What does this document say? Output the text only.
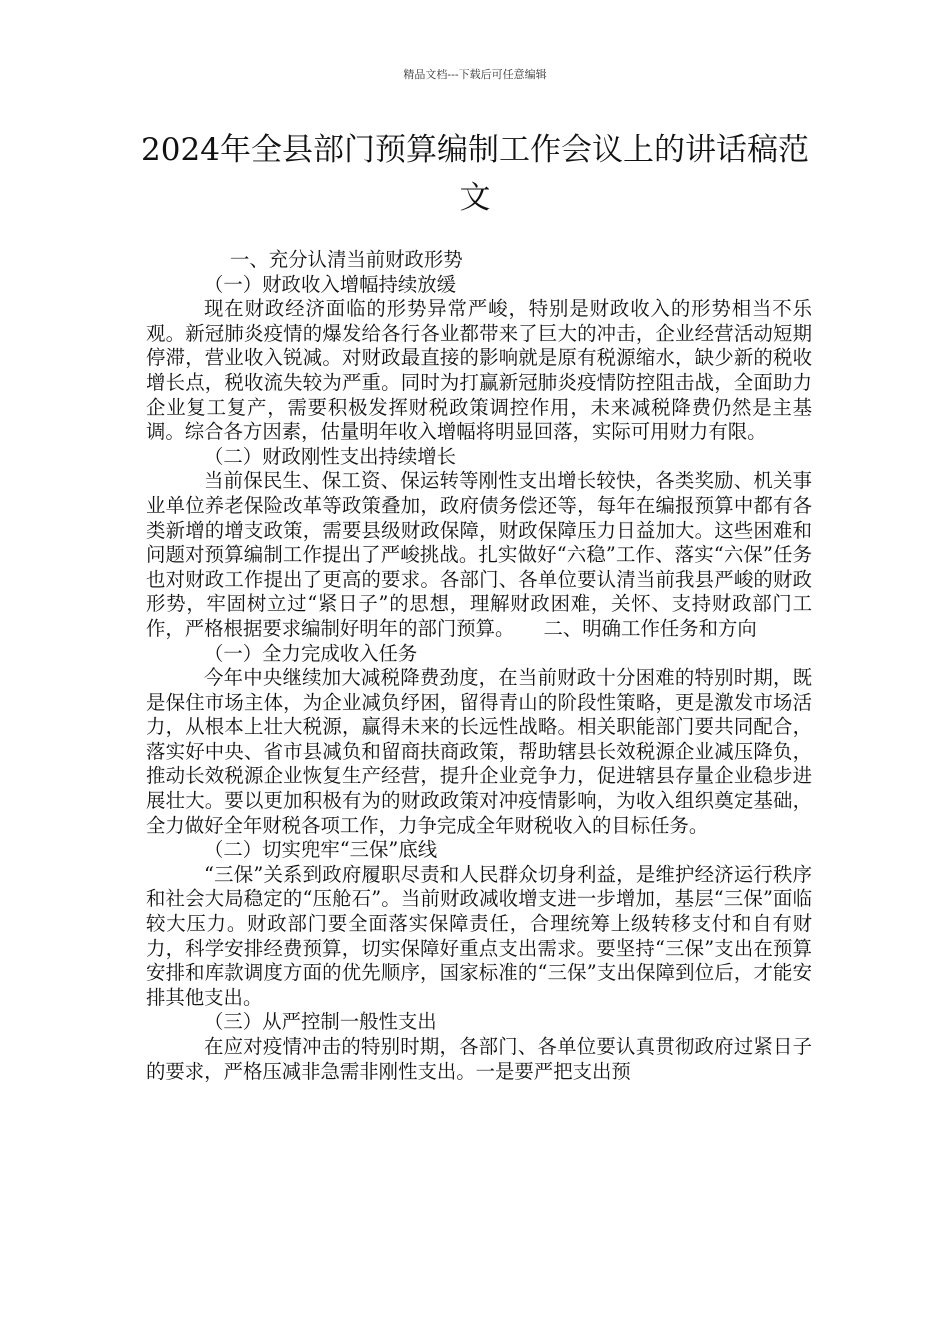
精品文档---下载后可任意编辑
2024年全县部门预算编制工作会议上的讲话稿范文

一、充分认清当前财政形势

（一）财政收入增幅持续放缓

现在财政经济面临的形势异常严峻，特别是财政收入的形势相当不乐观。新冠肺炎疫情的爆发给各行各业都带来了巨大的冲击，企业经营活动短期停滞，营业收入锐减。对财政最直接的影响就是原有税源缩水，缺少新的税收增长点，税收流失较为严重。同时为打赢新冠肺炎疫情防控阻击战，全面助力企业复工复产，需要积极发挥财税政策调控作用，未来减税降费仍然是主基调。综合各方因素，估量明年收入增幅将明显回落，实际可用财力有限。

（二）财政刚性支出持续增长

当前保民生、保工资、保运转等刚性支出增长较快，各类奖励、机关事业单位养老保险改革等政策叠加，政府债务偿还等，每年在编报预算中都有各类新增的增支政策，需要县级财政保障，财政保障压力日益加大。这些困难和问题对预算编制工作提出了严峻挑战。扎实做好“六稳”工作、落实“六保”任务也对财政工作提出了更高的要求。各部门、各单位要认清当前我县严峻的财政形势，牢固树立过“紧日子”的思想，理解财政困难，关怀、支持财政部门工作，严格根据要求编制好明年的部门预算。　　二、明确工作任务和方向

（一）全力完成收入任务

今年中央继续加大减税降费劲度，在当前财政十分困难的特别时期，既是保住市场主体，为企业减负纾困，留得青山的阶段性策略，更是激发市场活力，从根本上壮大税源，赢得未来的长远性战略。相关职能部门要共同配合，落实好中央、省市县减负和留商扶商政策，帮助辖县长效税源企业减压降负，推动长效税源企业恢复生产经营，提升企业竞争力，促进辖县存量企业稳步进展壮大。要以更加积极有为的财政政策对冲疫情影响，为收入组织奠定基础，全力做好全年财税各项工作，力争完成全年财税收入的目标任务。

（二）切实兜牢“三保”底线

“三保”关系到政府履职尽责和人民群众切身利益，是维护经济运行秩序和社会大局稳定的“压舱石”。当前财政减收增支进一步增加，基层“三保”面临较大压力。财政部门要全面落实保障责任，合理统筹上级转移支付和自有财力，科学安排经费预算，切实保障好重点支出需求。要坚持“三保”支出在预算安排和库款调度方面的优先顺序，国家标准的“三保”支出保障到位后，才能安排其他支出。

（三）从严控制一般性支出

在应对疫情冲击的特别时期，各部门、各单位要认真贯彻政府过紧日子的要求，严格压减非急需非刚性支出。一是要严把支出预
